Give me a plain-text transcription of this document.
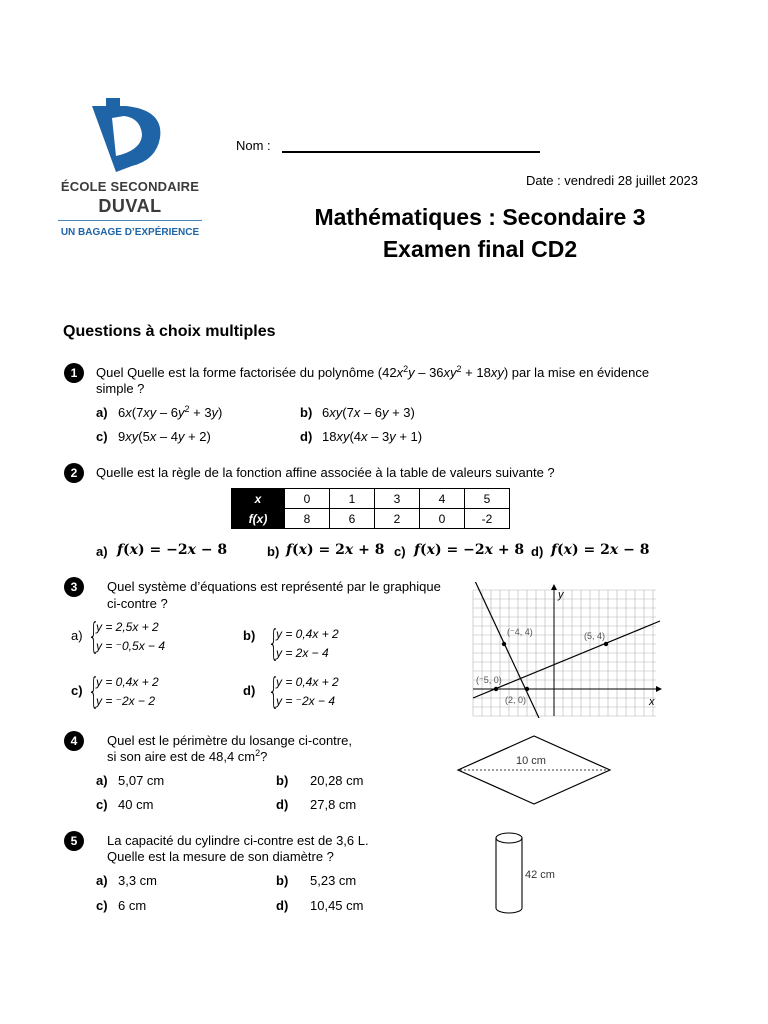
ÉCOLE SECONDAIRE
DUVAL
UN BAGAGE D’EXPÉRIENCE
Nom :
Date : vendredi 28 juillet 2023
Mathématiques : Secondaire 3
Examen final CD2
Questions à choix multiples
1	Quel Quelle est la forme factorisée du polynôme $(42x^2y - 36xy^2 + 18xy)$ par la mise en évidence
simple ?
a) $6x(7xy - 6y^2 + 3y)$	b) 6xy(7x – 6y + 3)
c) 9xy(5x – 4y + 2)	d) 18xy(4x – 3y + 1)
2	Quelle est la règle de la fonction affine associée à la table de valeurs suivante ?
x	0	1	3	4	5
f(x)	8	6	2	0	-2
a) f(x) = −2x − 8	b) f(x) = 2x + 8 c) f(x) = −2x + 8 d) f(x) = 2x − 8
3	Quel système d’équations est représenté par le graphique
ci-contre ?
a) {
y = 2,5x + 2
y = ⁻0,5x − 4
b) {
y = 0,4x + 2
y = 2x − 4
c) {
y = 0,4x + 2
y = ⁻2x − 2
d) {
y = 0,4x + 2
y = ⁻2x − 4
(⁻4, 4)	(5, 4)
(⁻5, 0)
(2, 0)	x
y
4	Quel est le périmètre du losange ci-contre,
si son aire est de 48,4 $cm^2$?
a) 5,07 cm	b) 20,28 cm
c) 40 cm	d) 27,8 cm
10 cm
5	La capacité du cylindre ci-contre est de 3,6 L.
Quelle est la mesure de son diamètre ?
a) 3,3 cm	b) 5,23 cm
c) 6 cm	d) 10,45 cm
42 cm
